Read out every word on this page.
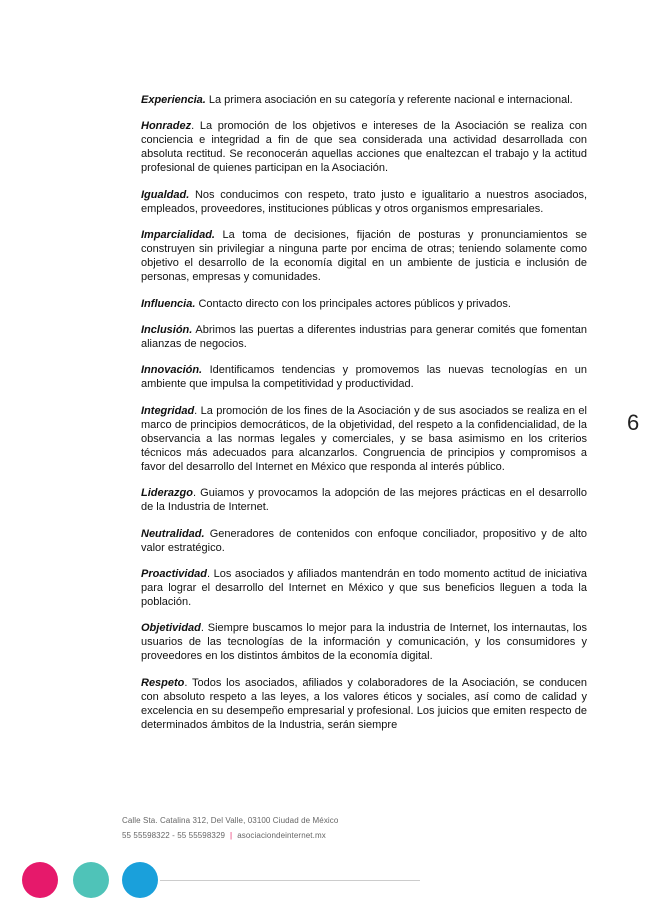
Experiencia. La primera asociación en su categoría y referente nacional e internacional.

Honradez. La promoción de los objetivos e intereses de la Asociación se realiza con conciencia e integridad a fin de que sea considerada una actividad desarrollada con absoluta rectitud. Se reconocerán aquellas acciones que enaltezcan el trabajo y la actitud profesional de quienes participan en la Asociación.

Igualdad. Nos conducimos con respeto, trato justo e igualitario a nuestros asociados, empleados, proveedores, instituciones públicas y otros organismos empresariales.

Imparcialidad. La toma de decisiones, fijación de posturas y pronunciamientos se construyen sin privilegiar a ninguna parte por encima de otras; teniendo solamente como objetivo el desarrollo de la economía digital en un ambiente de justicia e inclusión de personas, empresas y comunidades.

Influencia. Contacto directo con los principales actores públicos y privados.

Inclusión. Abrimos las puertas a diferentes industrias para generar comités que fomentan alianzas de negocios.

Innovación. Identificamos tendencias y promovemos las nuevas tecnologías en un ambiente que impulsa la competitividad y productividad.

Integridad. La promoción de los fines de la Asociación y de sus asociados se realiza en el marco de principios democráticos, de la objetividad, del respeto a la confidencialidad, de la observancia a las normas legales y comerciales, y se basa asimismo en los criterios técnicos más adecuados para alcanzarlos. Congruencia de principios y compromisos a favor del desarrollo del Internet en México que responda al interés público.

Liderazgo. Guiamos y provocamos la adopción de las mejores prácticas en el desarrollo de la Industria de Internet.

Neutralidad. Generadores de contenidos con enfoque conciliador, propositivo y de alto valor estratégico.

Proactividad. Los asociados y afiliados mantendrán en todo momento actitud de iniciativa para lograr el desarrollo del Internet en México y que sus beneficios lleguen a toda la población.

Objetividad. Siempre buscamos lo mejor para la industria de Internet, los internautas, los usuarios de las tecnologías de la información y comunicación, y los consumidores y proveedores en los distintos ámbitos de la economía digital.

Respeto. Todos los asociados, afiliados y colaboradores de la Asociación, se conducen con absoluto respeto a las leyes, a los valores éticos y sociales, así como de calidad y excelencia en su desempeño empresarial y profesional. Los juicios que emiten respecto de determinados ámbitos de la Industria, serán siempre

6
Calle Sta. Catalina 312, Del Valle, 03100 Ciudad de México
55 55598322 - 55 55598329 | asociaciondeinternet.mx
